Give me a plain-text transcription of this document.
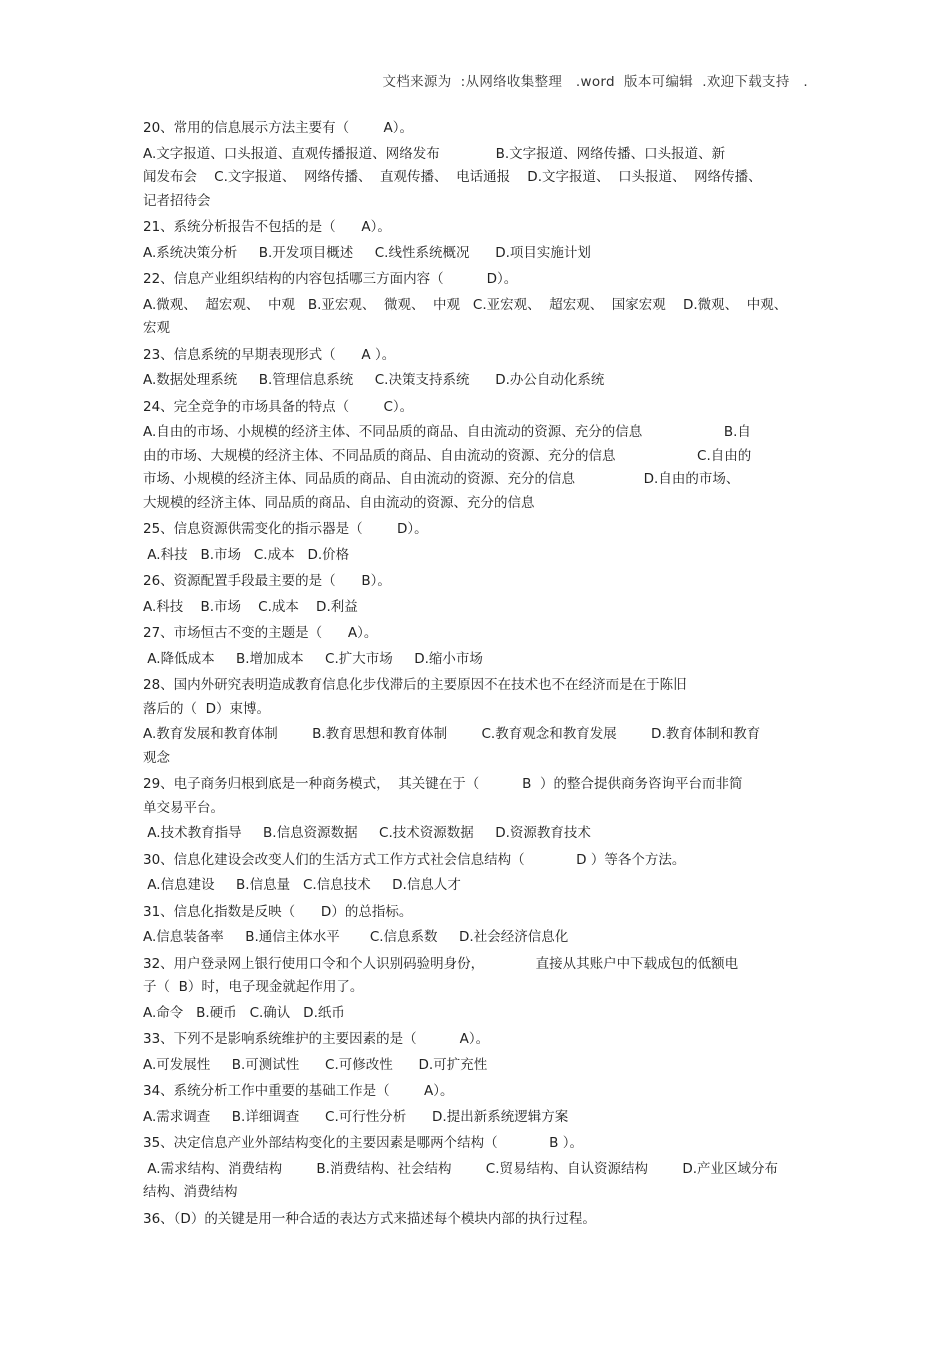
文档来源为  :从网络收集整理   .word  版本可编辑  .欢迎下载支持   .
20、常用的信息展示方法主要有（        A）。
A.文字报道、口头报道、直观传播报道、网络发布             B.文字报道、网络传播、口头报道、新
闻发布会    C.文字报道、  网络传播、  直观传播、  电话通报    D.文字报道、  口头报道、  网络传播、
记者招待会
21、系统分析报告不包括的是（      A）。
A.系统决策分析     B.开发项目概述     C.线性系统概况      D.项目实施计划
22、信息产业组织结构的内容包括哪三方面内容（          D）。
A.微观、  超宏观、  中观   B.亚宏观、  微观、  中观   C.亚宏观、  超宏观、  国家宏观    D.微观、  中观、
宏观
23、信息系统的早期表现形式（      A ）。
A.数据处理系统     B.管理信息系统     C.决策支持系统      D.办公自动化系统
24、完全竞争的市场具备的特点（        C）。
A.自由的市场、小规模的经济主体、不同品质的商品、自由流动的资源、充分的信息                   B.自
由的市场、大规模的经济主体、不同品质的商品、自由流动的资源、充分的信息                   C.自由的
市场、小规模的经济主体、同品质的商品、自由流动的资源、充分的信息                D.自由的市场、
大规模的经济主体、同品质的商品、自由流动的资源、充分的信息
25、信息资源供需变化的指示器是（        D）。
A.科技   B.市场   C.成本   D.价格
26、资源配置手段最主要的是（      B）。
A.科技    B.市场    C.成本    D.利益
27、市场恒古不变的主题是（      A）。
A.降低成本     B.增加成本     C.扩大市场     D.缩小市场
28、国内外研究表明造成教育信息化步伐滞后的主要原因不在技术也不在经济而是在于陈旧
落后的（  D）束博。
A.教育发展和教育体制        B.教育思想和教育体制        C.教育观念和教育发展        D.教育体制和教育
观念
29、电子商务归根到底是一种商务模式，  其关键在于（          B  ）的整合提供商务咨询平台而非简
单交易平台。
A.技术教育指导     B.信息资源数据     C.技术资源数据     D.资源教育技术
30、信息化建设会改变人们的生活方式工作方式社会信息结构（            D ）等各个方法。
A.信息建设     B.信息量   C.信息技术     D.信息人才
31、信息化指数是反映（      D）的总指标。
A.信息装备率     B.通信主体水平       C.信息系数     D.社会经济信息化
32、用户登录网上银行使用口令和个人识别码验明身份，            直接从其账户中下载成包的低额电
子（  B）时，电子现金就起作用了。
A.命令   B.硬币   C.确认   D.纸币
33、下列不是影响系统维护的主要因素的是（          A）。
A.可发展性     B.可测试性      C.可修改性      D.可扩充性
34、系统分析工作中重要的基础工作是（        A）。
A.需求调查     B.详细调查      C.可行性分析      D.提出新系统逻辑方案
35、决定信息产业外部结构变化的主要因素是哪两个结构（            B ）。
A.需求结构、消费结构        B.消费结构、社会结构        C.贸易结构、自认资源结构        D.产业区域分布
结构、消费结构
36、（D）的关键是用一种合适的表达方式来描述每个模块内部的执行过程。
